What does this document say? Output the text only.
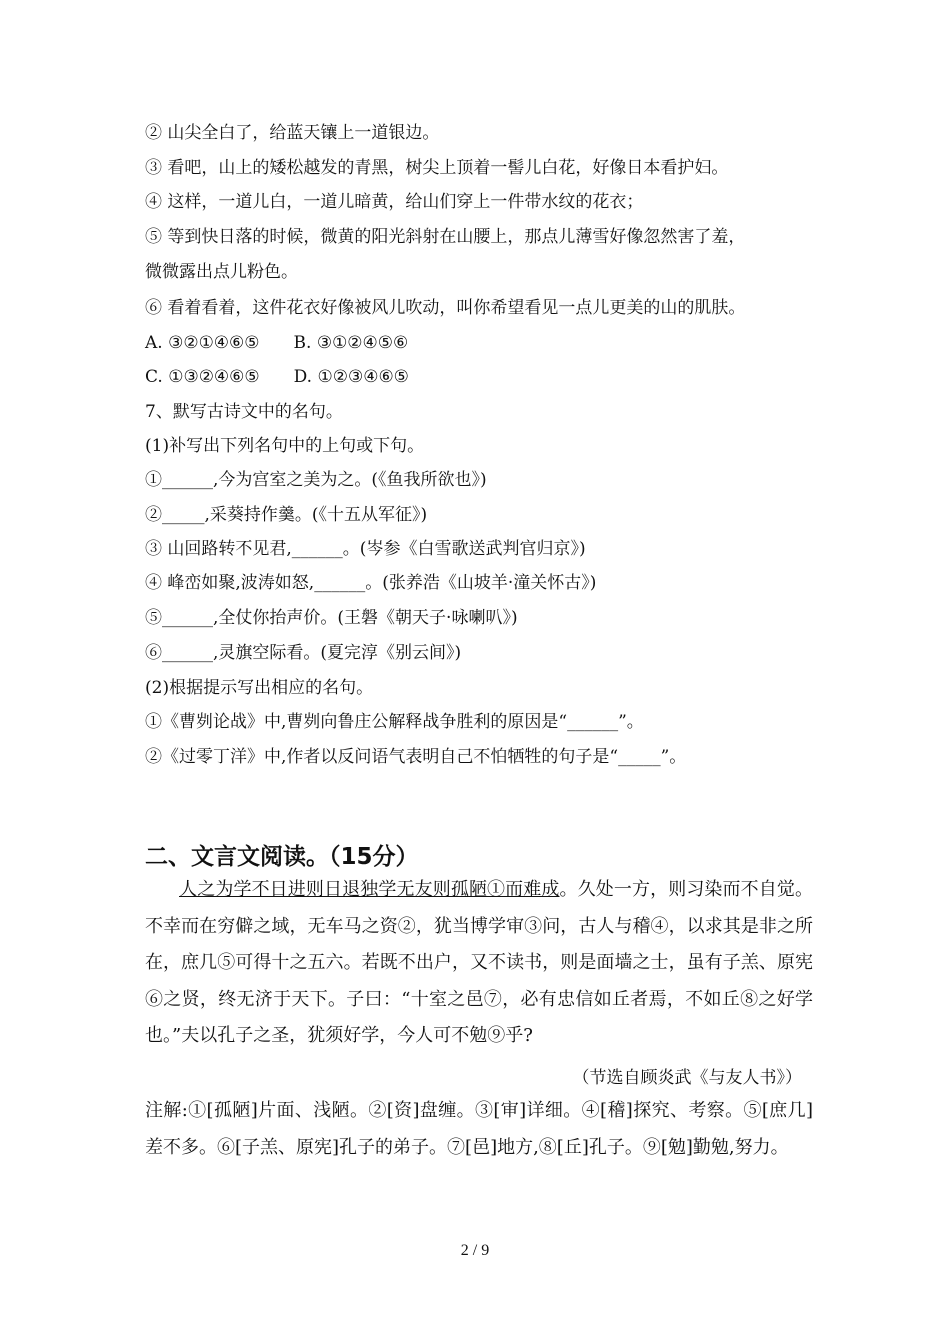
② 山尖全白了，给蓝天镶上一道银边。
③ 看吧，山上的矮松越发的青黑，树尖上顶着一髻儿白花，好像日本看护妇。
④ 这样，一道儿白，一道儿暗黄，给山们穿上一件带水纹的花衣；
⑤ 等到快日落的时候，微黄的阳光斜射在山腰上，那点儿薄雪好像忽然害了羞，
微微露出点儿粉色。
⑥ 看着看着，这件花衣好像被风儿吹动，叫你希望看见一点儿更美的山的肌肤。
A. ③②①④⑥⑤　　B. ③①②④⑤⑥
C. ①③②④⑥⑤　　D. ①②③④⑥⑤
7、默写古诗文中的名句。
(1)补写出下列名句中的上句或下句。
①______,今为宫室之美为之。(《鱼我所欲也》)
②_____,采葵持作羹。(《十五从军征》)
③ 山回路转不见君,______。(岑参《白雪歌送武判官归京》)
④ 峰峦如聚,波涛如怒,______。(张养浩《山坡羊·潼关怀古》)
⑤______,全仗你抬声价。(王磐《朝天子·咏喇叭》)
⑥______,灵旗空际看。(夏完淳《别云间》)
(2)根据提示写出相应的名句。
①《曹刿论战》中,曹刿向鲁庄公解释战争胜利的原因是“______”。
②《过零丁洋》中,作者以反问语气表明自己不怕牺牲的句子是“_____”。
二、文言文阅读。（15分）
人之为学不日进则日退独学无友则孤陋①而难成。久处一方，则习染而不自觉。不幸而在穷僻之域，无车马之资②，犹当博学审③问，古人与稽④，以求其是非之所在，庶几⑤可得十之五六。若既不出户，又不读书，则是面墙之士，虽有子羔、原宪⑥之贤，终无济于天下。子曰：“十室之邑⑦，必有忠信如丘者焉，不如丘⑧之好学也。”夫以孔子之圣，犹须好学，今人可不勉⑨乎?
（节选自顾炎武《与友人书》）
注解:①[孤陋]片面、浅陋。②[资]盘缠。③[审]详细。④[稽]探究、考察。⑤[庶几]差不多。⑥[子羔、原宪]孔子的弟子。⑦[邑]地方,⑧[丘]孔子。⑨[勉]勤勉,努力。
2 / 9
